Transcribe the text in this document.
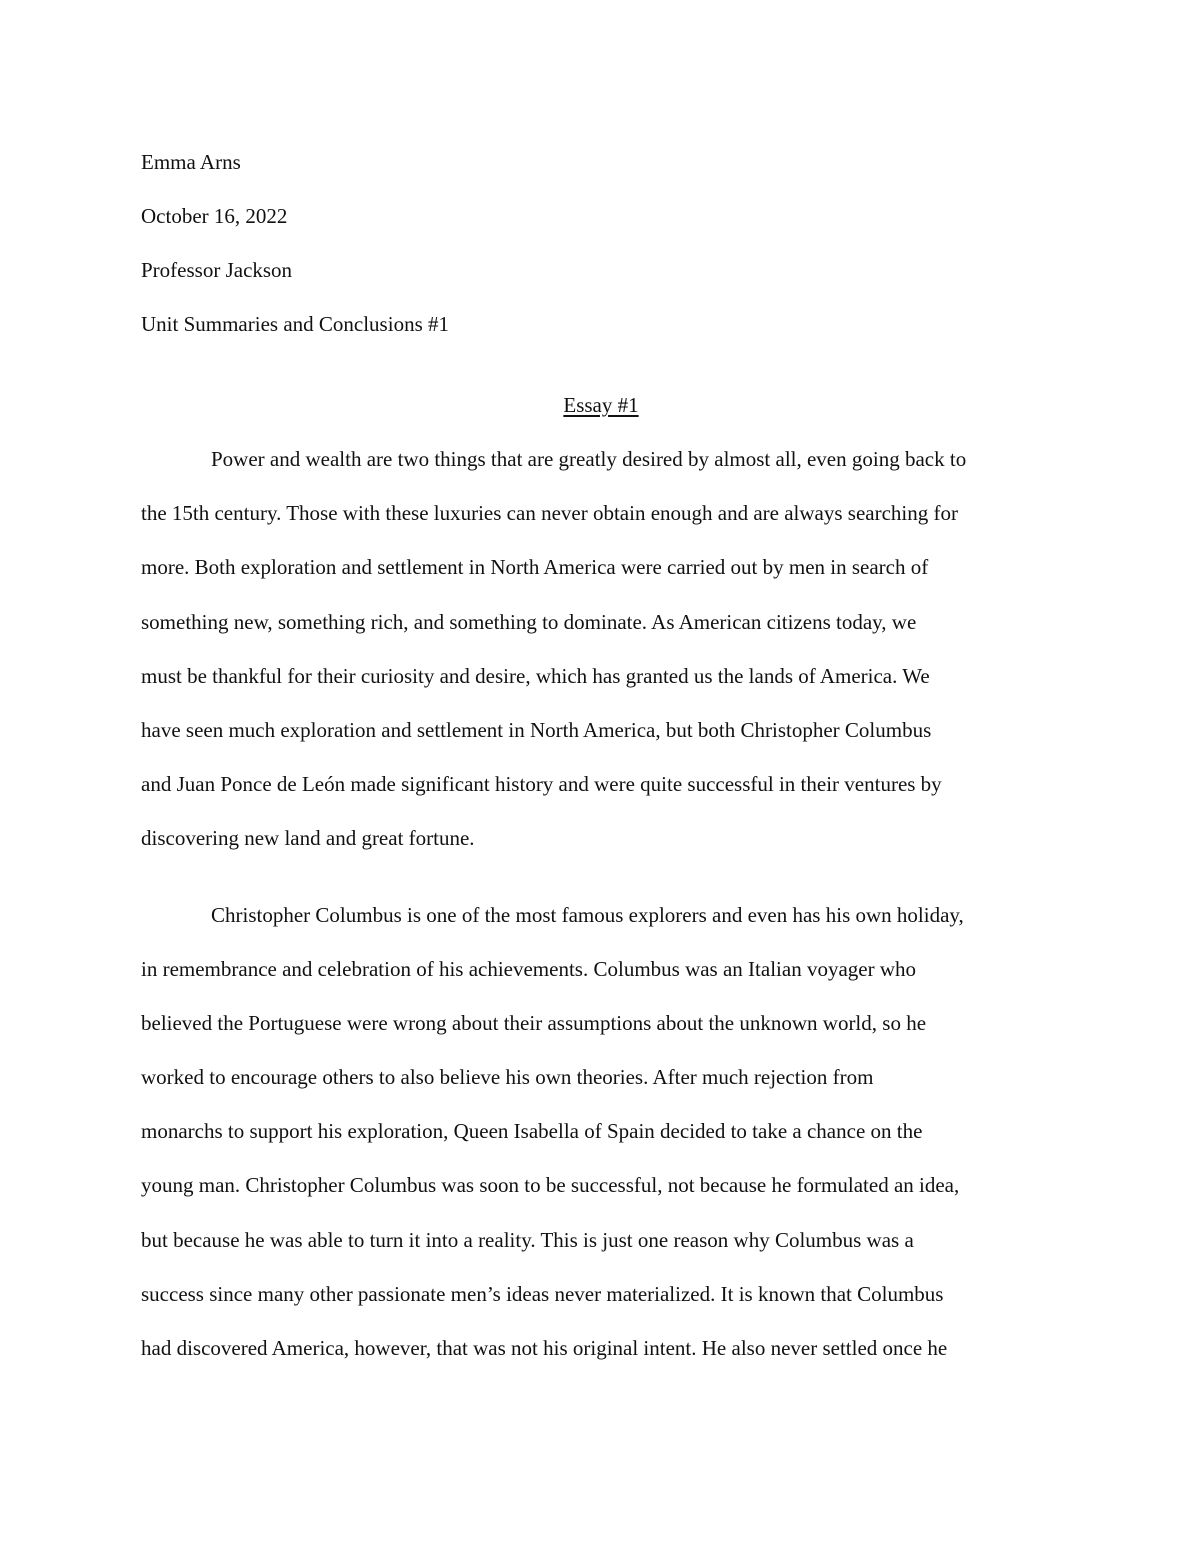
Emma Arns
October 16, 2022
Professor Jackson
Unit Summaries and Conclusions #1
Essay #1
Power and wealth are two things that are greatly desired by almost all, even going back to
the 15th century. Those with these luxuries can never obtain enough and are always searching for
more. Both exploration and settlement in North America were carried out by men in search of
something new, something rich, and something to dominate. As American citizens today, we
must be thankful for their curiosity and desire, which has granted us the lands of America. We
have seen much exploration and settlement in North America, but both Christopher Columbus
and Juan Ponce de León made significant history and were quite successful in their ventures by
discovering new land and great fortune.
Christopher Columbus is one of the most famous explorers and even has his own holiday,
in remembrance and celebration of his achievements. Columbus was an Italian voyager who
believed the Portuguese were wrong about their assumptions about the unknown world, so he
worked to encourage others to also believe his own theories. After much rejection from
monarchs to support his exploration, Queen Isabella of Spain decided to take a chance on the
young man. Christopher Columbus was soon to be successful, not because he formulated an idea,
but because he was able to turn it into a reality. This is just one reason why Columbus was a
success since many other passionate men’s ideas never materialized. It is known that Columbus
had discovered America, however, that was not his original intent. He also never settled once he
